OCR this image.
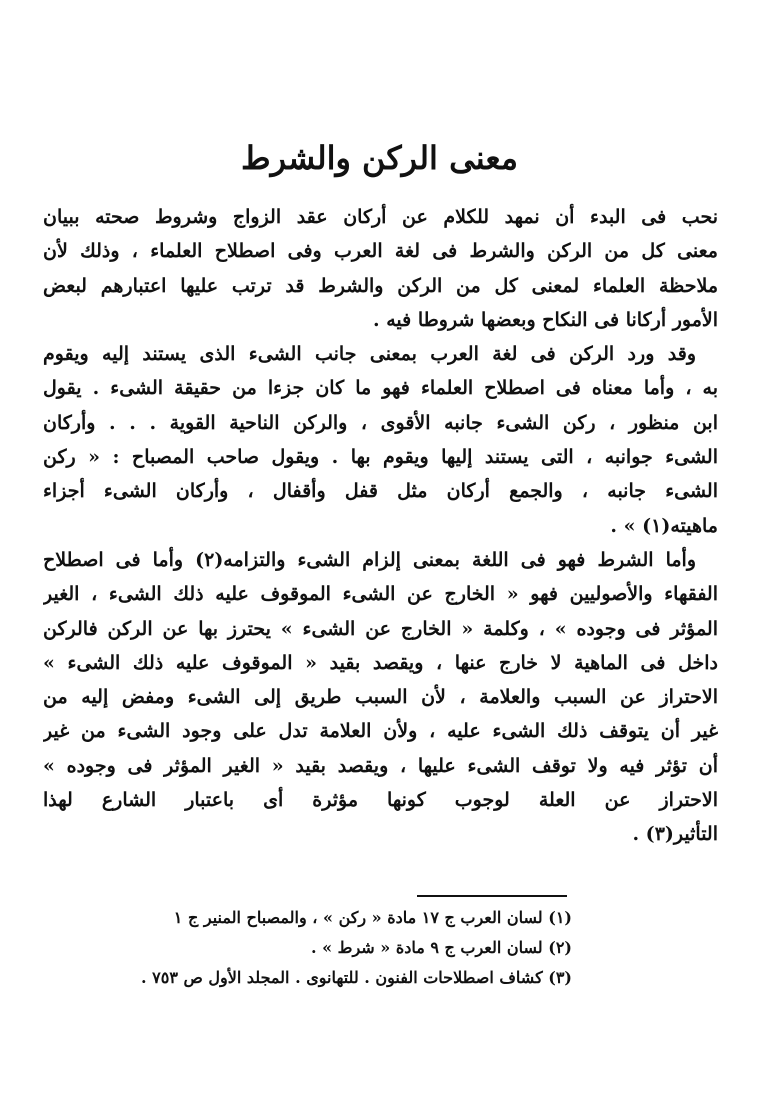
معنى الركن والشرط
نحب فى البدء أن نمهد للكلام عن أركان عقد الزواج وشروط صحته ببيان
معنى كل من الركن والشرط فى لغة العرب وفى اصطلاح العلماء ، وذلك لأن
ملاحظة العلماء لمعنى كل من الركن والشرط قد ترتب عليها اعتبارهم لبعض
الأمور أركانا فى النكاح وبعضها شروطا فيه .
وقد ورد الركن فى لغة العرب بمعنى جانب الشىء الذى يستند إليه ويقوم
به ، وأما معناه فى اصطلاح العلماء فهو ما كان جزءا من حقيقة الشىء . يقول
ابن منظور ، ركن الشىء جانبه الأقوى ، والركن الناحية القوية . . . وأركان
الشىء جوانبه ، التى يستند إليها ويقوم بها . ويقول صاحب المصباح : « ركن
الشىء جانبه ، والجمع أركان مثل قفل وأقفال ، وأركان الشىء أجزاء
ماهيته(١) » .
وأما الشرط فهو فى اللغة بمعنى إلزام الشىء والتزامه(٢) وأما فى اصطلاح
الفقهاء والأصوليين فهو « الخارج عن الشىء الموقوف عليه ذلك الشىء ، الغير
المؤثر فى وجوده » ، وكلمة « الخارج عن الشىء » يحترز بها عن الركن فالركن
داخل فى الماهية لا خارج عنها ، ويقصد بقيد « الموقوف عليه ذلك الشىء »
الاحتراز عن السبب والعلامة ، لأن السبب طريق إلى الشىء ومفض إليه من
غير أن يتوقف ذلك الشىء عليه ، ولأن العلامة تدل على وجود الشىء من غير
أن تؤثر فيه ولا توقف الشىء عليها ، ويقصد بقيد « الغير المؤثر فى وجوده »
الاحتراز عن العلة لوجوب كونها مؤثرة أى باعتبار الشارع لهذا
التأثير(٣) .
(١) لسان العرب ج ١٧ مادة « ركن » ، والمصباح المنير ج ١
(٢) لسان العرب ج ٩ مادة « شرط » .
(٣) كشاف اصطلاحات الفنون . للتهانوى . المجلد الأول ص ٧٥٣ .
